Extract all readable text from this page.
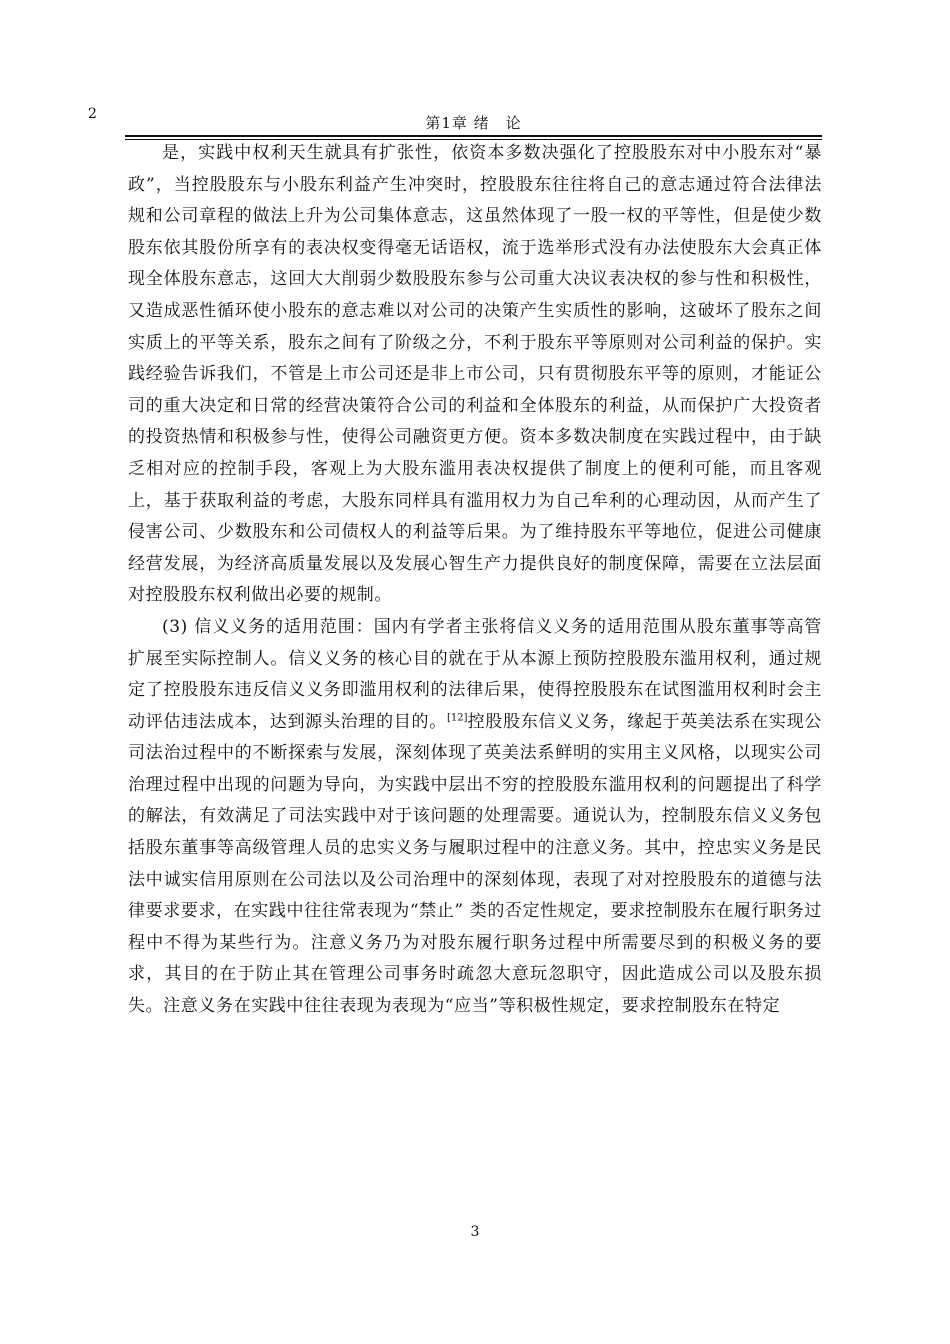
2	第1章 绪　论

是，实践中权利天生就具有扩张性，依资本多数决强化了控股股东对中小股东对“暴政”，当控股股东与小股东利益产生冲突时，控股股东往往将自己的意志通过符合法律法规和公司章程的做法上升为公司集体意志，这虽然体现了一股一权的平等性，但是使少数股东依其股份所享有的表决权变得毫无话语权，流于选举形式没有办法使股东大会真正体现全体股东意志，这回大大削弱少数股股东参与公司重大决议表决权的参与性和积极性，又造成恶性循环使小股东的意志难以对公司的决策产生实质性的影响，这破坏了股东之间实质上的平等关系，股东之间有了阶级之分，不利于股东平等原则对公司利益的保护。实践经验告诉我们，不管是上市公司还是非上市公司，只有贯彻股东平等的原则，才能证公司的重大决定和日常的经营决策符合公司的利益和全体股东的利益，从而保护广大投资者的投资热情和积极参与性，使得公司融资更方便。资本多数决制度在实践过程中，由于缺乏相对应的控制手段，客观上为大股东滥用表决权提供了制度上的便利可能，而且客观上，基于获取利益的考虑，大股东同样具有滥用权力为自己牟利的心理动因，从而产生了侵害公司、少数股东和公司债权人的利益等后果。为了维持股东平等地位，促进公司健康经营发展，为经济高质量发展以及发展心智生产力提供良好的制度保障，需要在立法层面对控股股东权利做出必要的规制。

(3) 信义义务的适用范围：国内有学者主张将信义义务的适用范围从股东董事等高管扩展至实际控制人。信义义务的核心目的就在于从本源上预防控股股东滥用权利，通过规定了控股股东违反信义义务即滥用权利的法律后果，使得控股股东在试图滥用权利时会主动评估违法成本，达到源头治理的目的。[12]控股股东信义义务，缘起于英美法系在实现公司法治过程中的不断探索与发展，深刻体现了英美法系鲜明的实用主义风格，以现实公司治理过程中出现的问题为导向，为实践中层出不穷的控股股东滥用权利的问题提出了科学的解法，有效满足了司法实践中对于该问题的处理需要。通说认为，控制股东信义义务包括股东董事等高级管理人员的忠实义务与履职过程中的注意义务。其中，控忠实义务是民法中诚实信用原则在公司法以及公司治理中的深刻体现，表现了对对控股股东的道德与法律要求要求，在实践中往往常表现为“禁止” 类的否定性规定，要求控制股东在履行职务过程中不得为某些行为。注意义务乃为对股东履行职务过程中所需要尽到的积极义务的要求，其目的在于防止其在管理公司事务时疏忽大意玩忽职守，因此造成公司以及股东损失。注意义务在实践中往往表现为表现为“应当”等积极性规定，要求控制股东在特定

3
